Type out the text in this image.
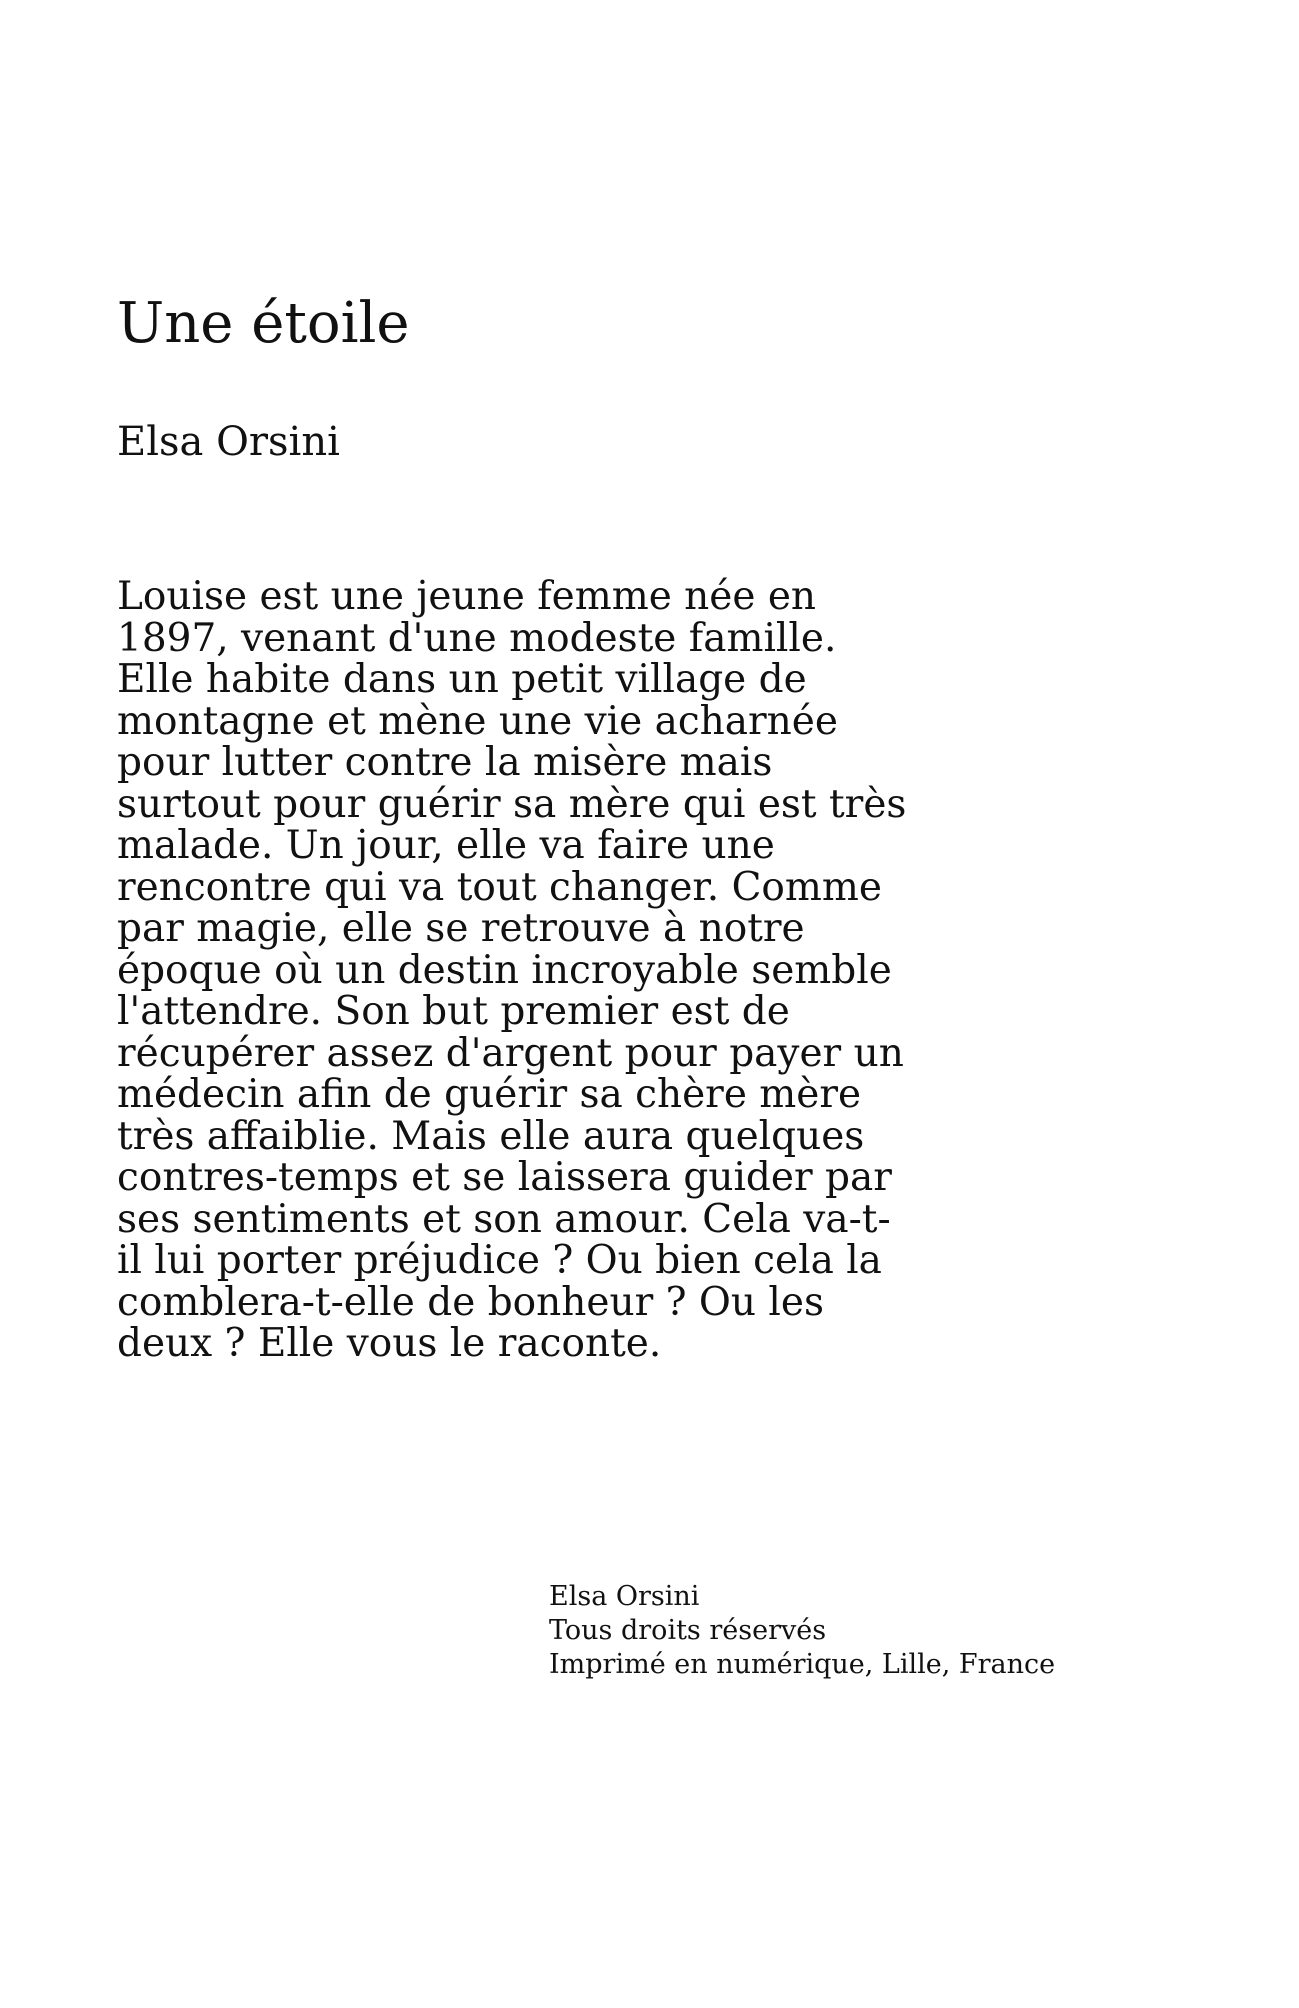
Une étoile
Elsa Orsini
Louise est une jeune femme née en
1897, venant d'une modeste famille.
Elle habite dans un petit village de
montagne et mène une vie acharnée
pour lutter contre la misère mais
surtout pour guérir sa mère qui est très
malade. Un jour, elle va faire une
rencontre qui va tout changer. Comme
par magie, elle se retrouve à notre
époque où un destin incroyable semble
l'attendre. Son but premier est de
récupérer assez d'argent pour payer un
médecin afin de guérir sa chère mère
très affaiblie. Mais elle aura quelques
contres-temps et se laissera guider par
ses sentiments et son amour. Cela va-t-
il lui porter préjudice ? Ou bien cela la
comblera-t-elle de bonheur ? Ou les
deux ? Elle vous le raconte.
Elsa Orsini
Tous droits réservés
Imprimé en numérique, Lille, France
